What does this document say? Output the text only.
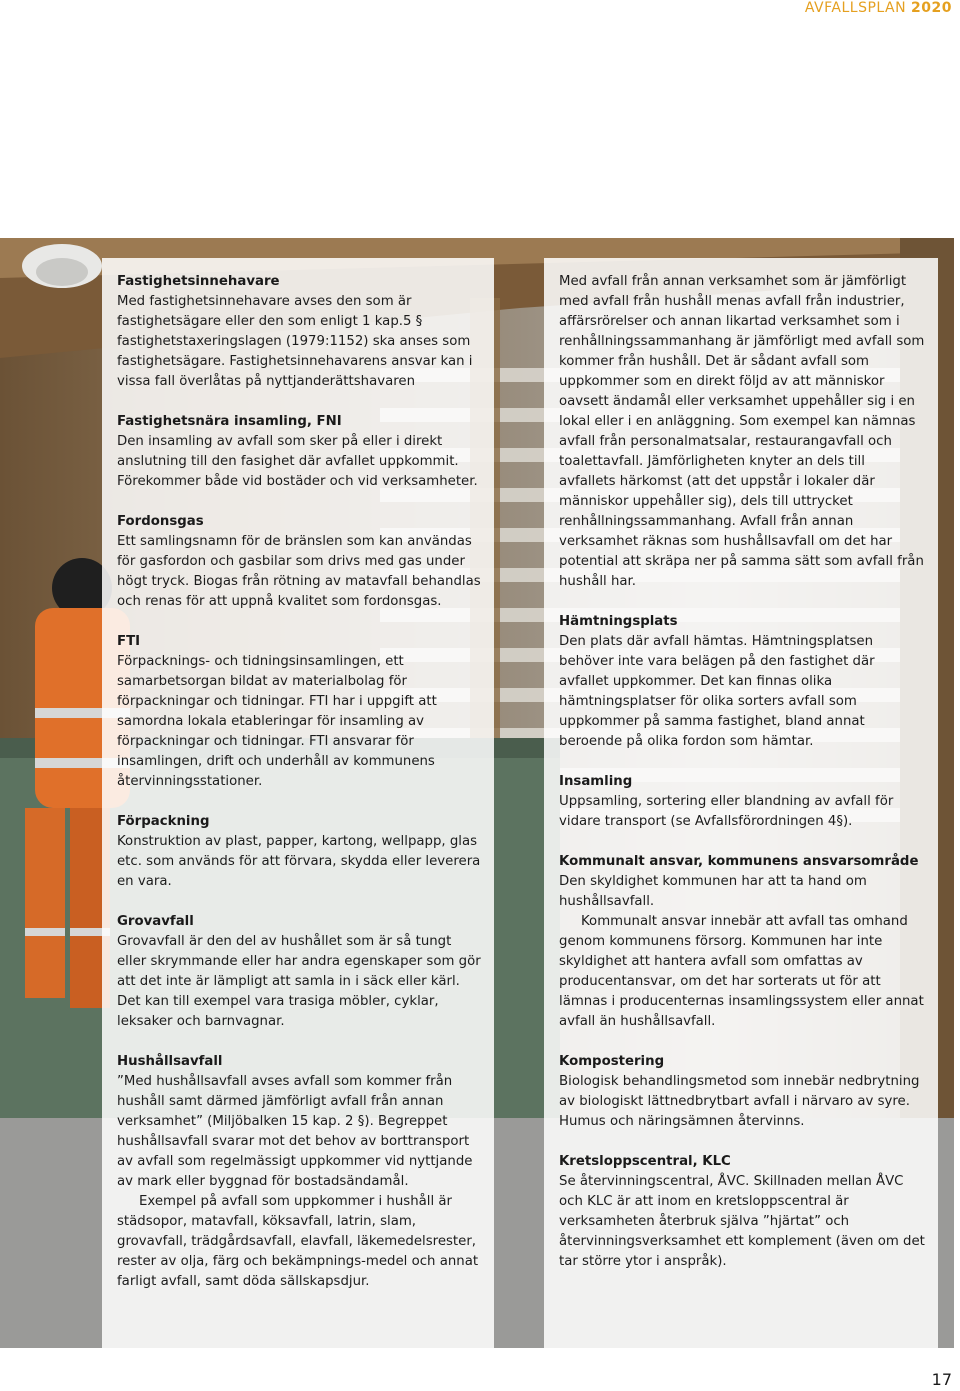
AVFALLSPLAN 2020
Fastighetsinnehavare

Med fastighetsinnehavare avses den som är fastighetsägare eller den som enligt 1 kap.5 § fastighetstaxeringslagen (1979:1152) ska anses som fastighetsägare. Fastighetsinnehavarens ansvar kan i vissa fall överlåtas på nyttjanderättshavaren

Fastighetsnära insamling, FNI

Den insamling av avfall som sker på eller i direkt anslutning till den fasighet där avfallet uppkommit. Förekommer både vid bostäder och vid verksamheter.

Fordonsgas

Ett samlingsnamn för de bränslen som kan användas för gasfordon och gasbilar som drivs med gas under högt tryck. Biogas från rötning av matavfall behandlas och renas för att uppnå kvalitet som fordonsgas.

FTI

Förpacknings- och tidningsinsamlingen, ett samarbetsorgan bildat av materialbolag för förpackningar och tidningar. FTI har i uppgift att samordna lokala etableringar för insamling av förpackningar och tidningar. FTI ansvarar för insamlingen, drift och underhåll av kommunens återvinningsstationer.

Förpackning

Konstruktion av plast, papper, kartong, wellpapp, glas etc. som används för att förvara, skydda eller leverera en vara.

Grovavfall

Grovavfall är den del av hushållet som är så tungt eller skrymmande eller har andra egenskaper som gör att det inte är lämpligt att samla in i säck eller kärl. Det kan till exempel vara trasiga möbler, cyklar, leksaker och barnvagnar.

Hushållsavfall

”Med hushållsavfall avses avfall som kommer från hushåll samt därmed jämförligt avfall från annan verksamhet” (Miljöbalken 15 kap. 2 §). Begreppet hushållsavfall svarar mot det behov av borttransport av avfall som regelmässigt uppkommer vid nyttjande av mark eller byggnad för bostadsändamål.

Exempel på avfall som uppkommer i hushåll är städsopor, matavfall, köksavfall, latrin, slam, grovavfall, trädgårdsavfall, elavfall, läkemedelsrester, rester av olja, färg och bekämpnings-medel och annat farligt avfall, samt döda sällskapsdjur.

Med avfall från annan verksamhet som är jämförligt med avfall från hushåll menas avfall från industrier, affärsrörelser och annan likartad verksamhet som i renhållningssammanhang är jämförligt med avfall som kommer från hushåll. Det är sådant avfall som uppkommer som en direkt följd av att människor oavsett ändamål eller verksamhet uppehåller sig i en lokal eller i en anläggning. Som exempel kan nämnas avfall från personalmatsalar, restaurangavfall och toalettavfall. Jämförligheten knyter an dels till avfallets härkomst (att det uppstår i lokaler där människor uppehåller sig), dels till uttrycket renhållningssammanhang. Avfall från annan verksamhet räknas som hushållsavfall om det har potential att skräpa ner på samma sätt som avfall från hushåll har.

Hämtningsplats

Den plats där avfall hämtas. Hämtningsplatsen behöver inte vara belägen på den fastighet där avfallet uppkommer. Det kan finnas olika hämtningsplatser för olika sorters avfall som uppkommer på samma fastighet, bland annat beroende på olika fordon som hämtar.

Insamling

Uppsamling, sortering eller blandning av avfall för vidare transport (se Avfallsförordningen 4§).

Kommunalt ansvar, kommunens ansvarsområde

Den skyldighet kommunen har att ta hand om hushållsavfall.

Kommunalt ansvar innebär att avfall tas omhand genom kommunens försorg. Kommunen har inte skyldighet att hantera avfall som omfattas av producentansvar, om det har sorterats ut för att lämnas i producenternas insamlingssystem eller annat avfall än hushållsavfall.

Kompostering

Biologisk behandlingsmetod som innebär nedbrytning av biologiskt lättnedbrytbart avfall i närvaro av syre. Humus och näringsämnen återvinns.

Kretsloppscentral, KLC

Se återvinningscentral, ÅVC. Skillnaden mellan ÅVC och KLC är att inom en kretsloppscentral är verksamheten återbruk själva ”hjärtat” och återvinningsverksamhet ett komplement (även om det tar större ytor i anspråk).

17
